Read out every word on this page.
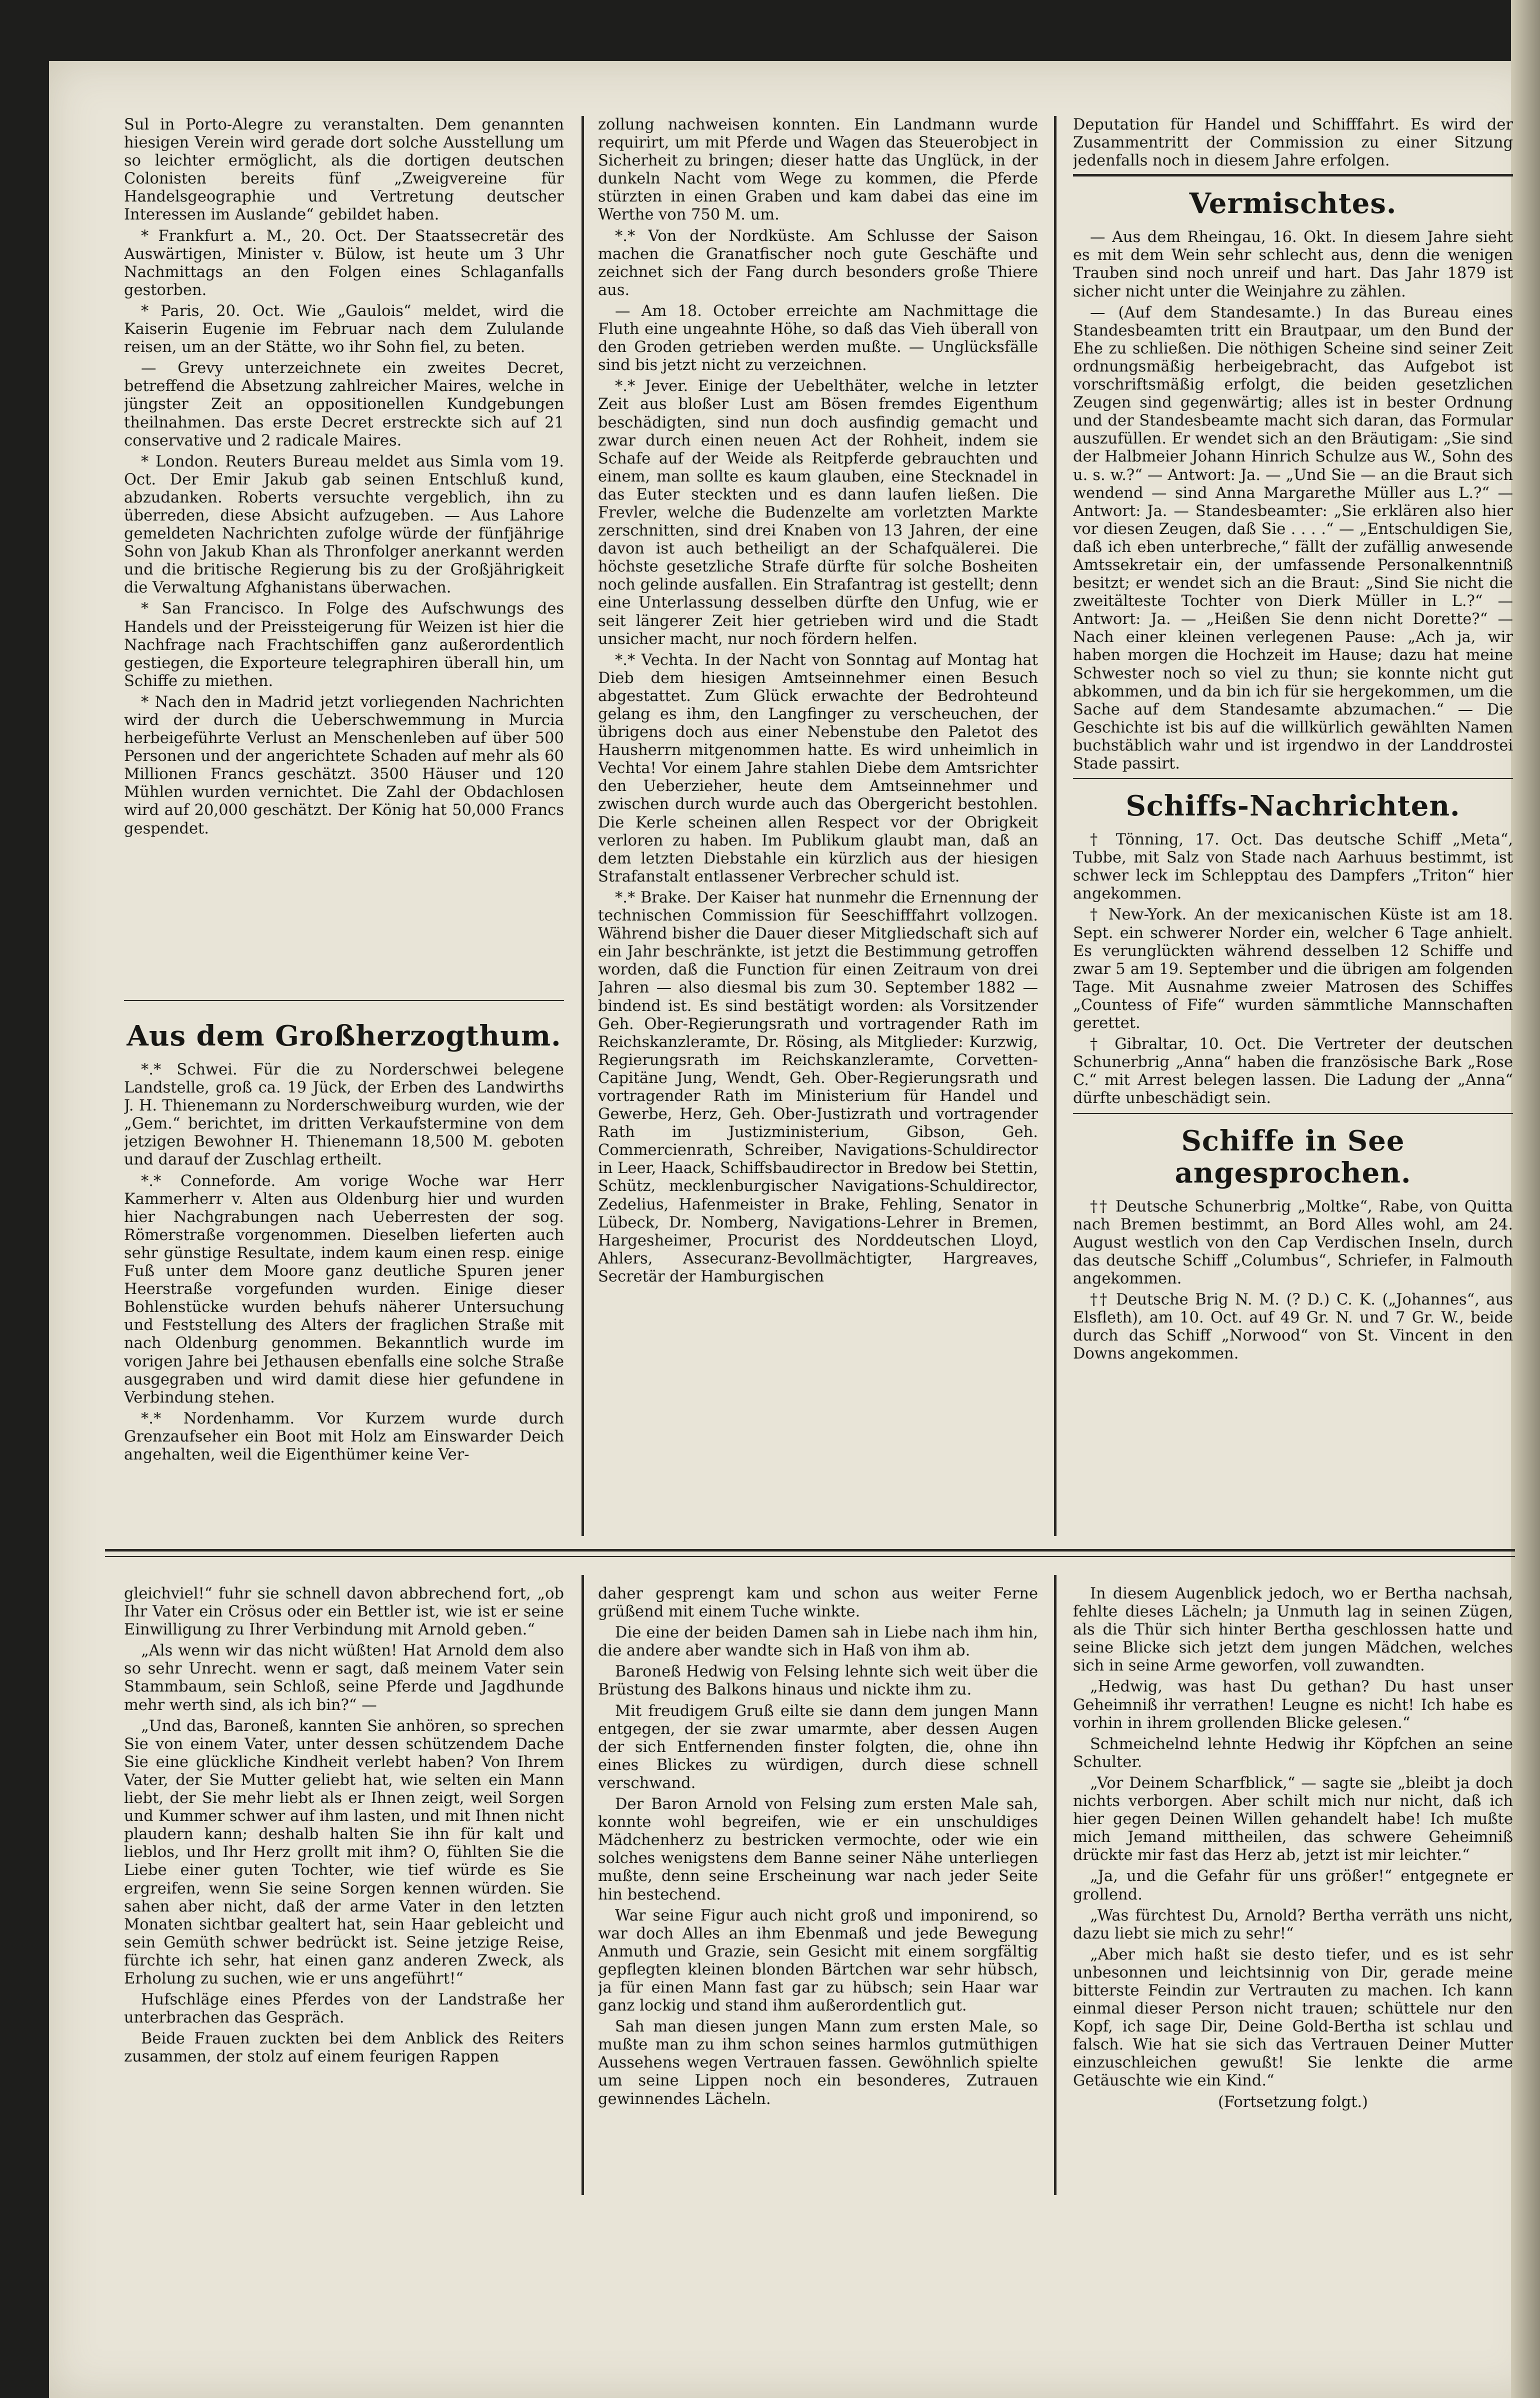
Sul in Porto-Alegre zu veranstalten. Dem genannten hiesigen Verein wird gerade dort solche Ausstellung um so leichter ermöglicht, als die dortigen deutschen Colonisten bereits fünf „Zweigvereine für Handelsgeographie und Vertretung deutscher Interessen im Auslande“ gebildet haben.

* Frankfurt a. M., 20. Oct. Der Staatssecretär des Auswärtigen, Minister v. Bülow, ist heute um 3 Uhr Nachmittags an den Folgen eines Schlaganfalls gestorben.

* Paris, 20. Oct. Wie „Gaulois“ meldet, wird die Kaiserin Eugenie im Februar nach dem Zululande reisen, um an der Stätte, wo ihr Sohn fiel, zu beten.

— Grevy unterzeichnete ein zweites Decret, betreffend die Absetzung zahlreicher Maires, welche in jüngster Zeit an oppositionellen Kundgebungen theilnahmen. Das erste Decret erstreckte sich auf 21 conservative und 2 radicale Maires.

* London. Reuters Bureau meldet aus Simla vom 19. Oct. Der Emir Jakub gab seinen Entschluß kund, abzudanken. Roberts versuchte vergeblich, ihn zu überreden, diese Absicht aufzugeben. — Aus Lahore gemeldeten Nachrichten zufolge würde der fünfjährige Sohn von Jakub Khan als Thronfolger anerkannt werden und die britische Regierung bis zu der Großjährigkeit die Verwaltung Afghanistans überwachen.

* San Francisco. In Folge des Aufschwungs des Handels und der Preissteigerung für Weizen ist hier die Nachfrage nach Frachtschiffen ganz außerordentlich gestiegen, die Exporteure telegraphiren überall hin, um Schiffe zu miethen.

* Nach den in Madrid jetzt vorliegenden Nachrichten wird der durch die Ueberschwemmung in Murcia herbeigeführte Verlust an Menschenleben auf über 500 Personen und der angerichtete Schaden auf mehr als 60 Millionen Francs geschätzt. 3500 Häuser und 120 Mühlen wurden vernichtet. Die Zahl der Obdachlosen wird auf 20,000 geschätzt. Der König hat 50,000 Francs gespendet.

Aus dem Großherzogthum.

*.* Schwei. Für die zu Norderschwei belegene Landstelle, groß ca. 19 Jück, der Erben des Landwirths J. H. Thienemann zu Norderschweiburg wurden, wie der „Gem.“ berichtet, im dritten Verkaufstermine von dem jetzigen Bewohner H. Thienemann 18,500 M. geboten und darauf der Zuschlag ertheilt.

*.* Conneforde. Am vorige Woche war Herr Kammerherr v. Alten aus Oldenburg hier und wurden hier Nachgrabungen nach Ueberresten der sog. Römerstraße vorgenommen. Dieselben lieferten auch sehr günstige Resultate, indem kaum einen resp. einige Fuß unter dem Moore ganz deutliche Spuren jener Heerstraße vorgefunden wurden. Einige dieser Bohlenstücke wurden behufs näherer Untersuchung und Feststellung des Alters der fraglichen Straße mit nach Oldenburg genommen. Bekanntlich wurde im vorigen Jahre bei Jethausen ebenfalls eine solche Straße ausgegraben und wird damit diese hier gefundene in Verbindung stehen.

*.* Nordenhamm. Vor Kurzem wurde durch Grenzaufseher ein Boot mit Holz am Einswarder Deich angehalten, weil die Eigenthümer keine Ver-

zollung nachweisen konnten. Ein Landmann wurde requirirt, um mit Pferde und Wagen das Steuerobject in Sicherheit zu bringen; dieser hatte das Unglück, in der dunkeln Nacht vom Wege zu kommen, die Pferde stürzten in einen Graben und kam dabei das eine im Werthe von 750 M. um.

*.* Von der Nordküste. Am Schlusse der Saison machen die Granatfischer noch gute Geschäfte und zeichnet sich der Fang durch besonders große Thiere aus.

— Am 18. October erreichte am Nachmittage die Fluth eine ungeahnte Höhe, so daß das Vieh überall von den Groden getrieben werden mußte. — Unglücksfälle sind bis jetzt nicht zu verzeichnen.

*.* Jever. Einige der Uebelthäter, welche in letzter Zeit aus bloßer Lust am Bösen fremdes Eigenthum beschädigten, sind nun doch ausfindig gemacht und zwar durch einen neuen Act der Rohheit, indem sie Schafe auf der Weide als Reitpferde gebrauchten und einem, man sollte es kaum glauben, eine Stecknadel in das Euter steckten und es dann laufen ließen. Die Frevler, welche die Budenzelte am vorletzten Markte zerschnitten, sind drei Knaben von 13 Jahren, der eine davon ist auch betheiligt an der Schafquälerei. Die höchste gesetzliche Strafe dürfte für solche Bosheiten noch gelinde ausfallen. Ein Strafantrag ist gestellt; denn eine Unterlassung desselben dürfte den Unfug, wie er seit längerer Zeit hier getrieben wird und die Stadt unsicher macht, nur noch fördern helfen.

*.* Vechta. In der Nacht von Sonntag auf Montag hat Dieb dem hiesigen Amtseinnehmer einen Besuch abgestattet. Zum Glück erwachte der Bedrohteund gelang es ihm, den Langfinger zu verscheuchen, der übrigens doch aus einer Nebenstube den Paletot des Hausherrn mitgenommen hatte. Es wird unheimlich in Vechta! Vor einem Jahre stahlen Diebe dem Amtsrichter den Ueberzieher, heute dem Amtseinnehmer und zwischen durch wurde auch das Obergericht bestohlen. Die Kerle scheinen allen Respect vor der Obrigkeit verloren zu haben. Im Publikum glaubt man, daß an dem letzten Diebstahle ein kürzlich aus der hiesigen Strafanstalt entlassener Verbrecher schuld ist.

*.* Brake. Der Kaiser hat nunmehr die Ernennung der technischen Commission für Seeschifffahrt vollzogen. Während bisher die Dauer dieser Mitgliedschaft sich auf ein Jahr beschränkte, ist jetzt die Bestimmung getroffen worden, daß die Function für einen Zeitraum von drei Jahren — also diesmal bis zum 30. September 1882 — bindend ist. Es sind bestätigt worden: als Vorsitzender Geh. Ober-Regierungsrath und vortragender Rath im Reichskanzleramte, Dr. Rösing, als Mitglieder: Kurzwig, Regierungsrath im Reichskanzleramte, Corvetten-Capitäne Jung, Wendt, Geh. Ober-Regierungsrath und vortragender Rath im Ministerium für Handel und Gewerbe, Herz, Geh. Ober-Justizrath und vortragender Rath im Justizministerium, Gibson, Geh. Commercienrath, Schreiber, Navigations-Schuldirector in Leer, Haack, Schiffsbaudirector in Bredow bei Stettin, Schütz, mecklenburgischer Navigations-Schuldirector, Zedelius, Hafenmeister in Brake, Fehling, Senator in Lübeck, Dr. Nomberg, Navigations-Lehrer in Bremen, Hargesheimer, Procurist des Norddeutschen Lloyd, Ahlers, Assecuranz-Bevollmächtigter, Hargreaves, Secretär der Hamburgischen

Deputation für Handel und Schifffahrt. Es wird der Zusammentritt der Commission zu einer Sitzung jedenfalls noch in diesem Jahre erfolgen.

Vermischtes.

— Aus dem Rheingau, 16. Okt. In diesem Jahre sieht es mit dem Wein sehr schlecht aus, denn die wenigen Trauben sind noch unreif und hart. Das Jahr 1879 ist sicher nicht unter die Weinjahre zu zählen.

— (Auf dem Standesamte.) In das Bureau eines Standesbeamten tritt ein Brautpaar, um den Bund der Ehe zu schließen. Die nöthigen Scheine sind seiner Zeit ordnungsmäßig herbeigebracht, das Aufgebot ist vorschriftsmäßig erfolgt, die beiden gesetzlichen Zeugen sind gegenwärtig; alles ist in bester Ordnung und der Standesbeamte macht sich daran, das Formular auszufüllen. Er wendet sich an den Bräutigam: „Sie sind der Halbmeier Johann Hinrich Schulze aus W., Sohn des u. s. w.?“ — Antwort: Ja. — „Und Sie — an die Braut sich wendend — sind Anna Margarethe Müller aus L.?“ — Antwort: Ja. — Standesbeamter: „Sie erklären also hier vor diesen Zeugen, daß Sie . . . .“ — „Entschuldigen Sie, daß ich eben unterbreche,“ fällt der zufällig anwesende Amtssekretair ein, der umfassende Personalkenntniß besitzt; er wendet sich an die Braut: „Sind Sie nicht die zweitälteste Tochter von Dierk Müller in L.?“ — Antwort: Ja. — „Heißen Sie denn nicht Dorette?“ — Nach einer kleinen verlegenen Pause: „Ach ja, wir haben morgen die Hochzeit im Hause; dazu hat meine Schwester noch so viel zu thun; sie konnte nicht gut abkommen, und da bin ich für sie hergekommen, um die Sache auf dem Standesamte abzumachen.“ — Die Geschichte ist bis auf die willkürlich gewählten Namen buchstäblich wahr und ist irgendwo in der Landdrostei Stade passirt.

Schiffs-Nachrichten.

† Tönning, 17. Oct. Das deutsche Schiff „Meta“, Tubbe, mit Salz von Stade nach Aarhuus bestimmt, ist schwer leck im Schlepptau des Dampfers „Triton“ hier angekommen.

† New-York. An der mexicanischen Küste ist am 18. Sept. ein schwerer Norder ein, welcher 6 Tage anhielt. Es verunglückten während desselben 12 Schiffe und zwar 5 am 19. September und die übrigen am folgenden Tage. Mit Ausnahme zweier Matrosen des Schiffes „Countess of Fife“ wurden sämmtliche Mannschaften gerettet.

† Gibraltar, 10. Oct. Die Vertreter der deutschen Schunerbrig „Anna“ haben die französische Bark „Rose C.“ mit Arrest belegen lassen. Die Ladung der „Anna“ dürfte unbeschädigt sein.

Schiffe in See angesprochen.

†† Deutsche Schunerbrig „Moltke“, Rabe, von Quitta nach Bremen bestimmt, an Bord Alles wohl, am 24. August westlich von den Cap Verdischen Inseln, durch das deutsche Schiff „Columbus“, Schriefer, in Falmouth angekommen.

†† Deutsche Brig N. M. (? D.) C. K. („Johannes“, aus Elsfleth), am 10. Oct. auf 49 Gr. N. und 7 Gr. W., beide durch das Schiff „Norwood“ von St. Vincent in den Downs angekommen.

gleichviel!“ fuhr sie schnell davon abbrechend fort, „ob Ihr Vater ein Crösus oder ein Bettler ist, wie ist er seine Einwilligung zu Ihrer Verbindung mit Arnold geben.“

„Als wenn wir das nicht wüßten! Hat Arnold dem also so sehr Unrecht. wenn er sagt, daß meinem Vater sein Stammbaum, sein Schloß, seine Pferde und Jagdhunde mehr werth sind, als ich bin?“ —

„Und das, Baroneß, kannten Sie anhören, so sprechen Sie von einem Vater, unter dessen schützendem Dache Sie eine glückliche Kindheit verlebt haben? Von Ihrem Vater, der Sie Mutter geliebt hat, wie selten ein Mann liebt, der Sie mehr liebt als er Ihnen zeigt, weil Sorgen und Kummer schwer auf ihm lasten, und mit Ihnen nicht plaudern kann; deshalb halten Sie ihn für kalt und lieblos, und Ihr Herz grollt mit ihm? O, fühlten Sie die Liebe einer guten Tochter, wie tief würde es Sie ergreifen, wenn Sie seine Sorgen kennen würden. Sie sahen aber nicht, daß der arme Vater in den letzten Monaten sichtbar gealtert hat, sein Haar gebleicht und sein Gemüth schwer bedrückt ist. Seine jetzige Reise, fürchte ich sehr, hat einen ganz anderen Zweck, als Erholung zu suchen, wie er uns angeführt!“

Hufschläge eines Pferdes von der Landstraße her unterbrachen das Gespräch.

Beide Frauen zuckten bei dem Anblick des Reiters zusammen, der stolz auf einem feurigen Rappen

daher gesprengt kam und schon aus weiter Ferne grüßend mit einem Tuche winkte.

Die eine der beiden Damen sah in Liebe nach ihm hin, die andere aber wandte sich in Haß von ihm ab.

Baroneß Hedwig von Felsing lehnte sich weit über die Brüstung des Balkons hinaus und nickte ihm zu.

Mit freudigem Gruß eilte sie dann dem jungen Mann entgegen, der sie zwar umarmte, aber dessen Augen der sich Entfernenden finster folgten, die, ohne ihn eines Blickes zu würdigen, durch diese schnell verschwand.

Der Baron Arnold von Felsing zum ersten Male sah, konnte wohl begreifen, wie er ein unschuldiges Mädchenherz zu bestricken vermochte, oder wie ein solches wenigstens dem Banne seiner Nähe unterliegen mußte, denn seine Erscheinung war nach jeder Seite hin bestechend.

War seine Figur auch nicht groß und imponirend, so war doch Alles an ihm Ebenmaß und jede Bewegung Anmuth und Grazie, sein Gesicht mit einem sorgfältig gepflegten kleinen blonden Bärtchen war sehr hübsch, ja für einen Mann fast gar zu hübsch; sein Haar war ganz lockig und stand ihm außerordentlich gut.

Sah man diesen jungen Mann zum ersten Male, so mußte man zu ihm schon seines harmlos gutmüthigen Aussehens wegen Vertrauen fassen. Gewöhnlich spielte um seine Lippen noch ein besonderes, Zutrauen gewinnendes Lächeln.

In diesem Augenblick jedoch, wo er Bertha nachsah, fehlte dieses Lächeln; ja Unmuth lag in seinen Zügen, als die Thür sich hinter Bertha geschlossen hatte und seine Blicke sich jetzt dem jungen Mädchen, welches sich in seine Arme geworfen, voll zuwandten.

„Hedwig, was hast Du gethan? Du hast unser Geheimniß ihr verrathen! Leugne es nicht! Ich habe es vorhin in ihrem grollenden Blicke gelesen.“

Schmeichelnd lehnte Hedwig ihr Köpfchen an seine Schulter.

„Vor Deinem Scharfblick,“ — sagte sie „bleibt ja doch nichts verborgen. Aber schilt mich nur nicht, daß ich hier gegen Deinen Willen gehandelt habe! Ich mußte mich Jemand mittheilen, das schwere Geheimniß drückte mir fast das Herz ab, jetzt ist mir leichter.“

„Ja, und die Gefahr für uns größer!“ entgegnete er grollend.

„Was fürchtest Du, Arnold? Bertha verräth uns nicht, dazu liebt sie mich zu sehr!“

„Aber mich haßt sie desto tiefer, und es ist sehr unbesonnen und leichtsinnig von Dir, gerade meine bitterste Feindin zur Vertrauten zu machen. Ich kann einmal dieser Person nicht trauen; schüttele nur den Kopf, ich sage Dir, Deine Gold-Bertha ist schlau und falsch. Wie hat sie sich das Vertrauen Deiner Mutter einzuschleichen gewußt! Sie lenkte die arme Getäuschte wie ein Kind.“

(Fortsetzung folgt.)
